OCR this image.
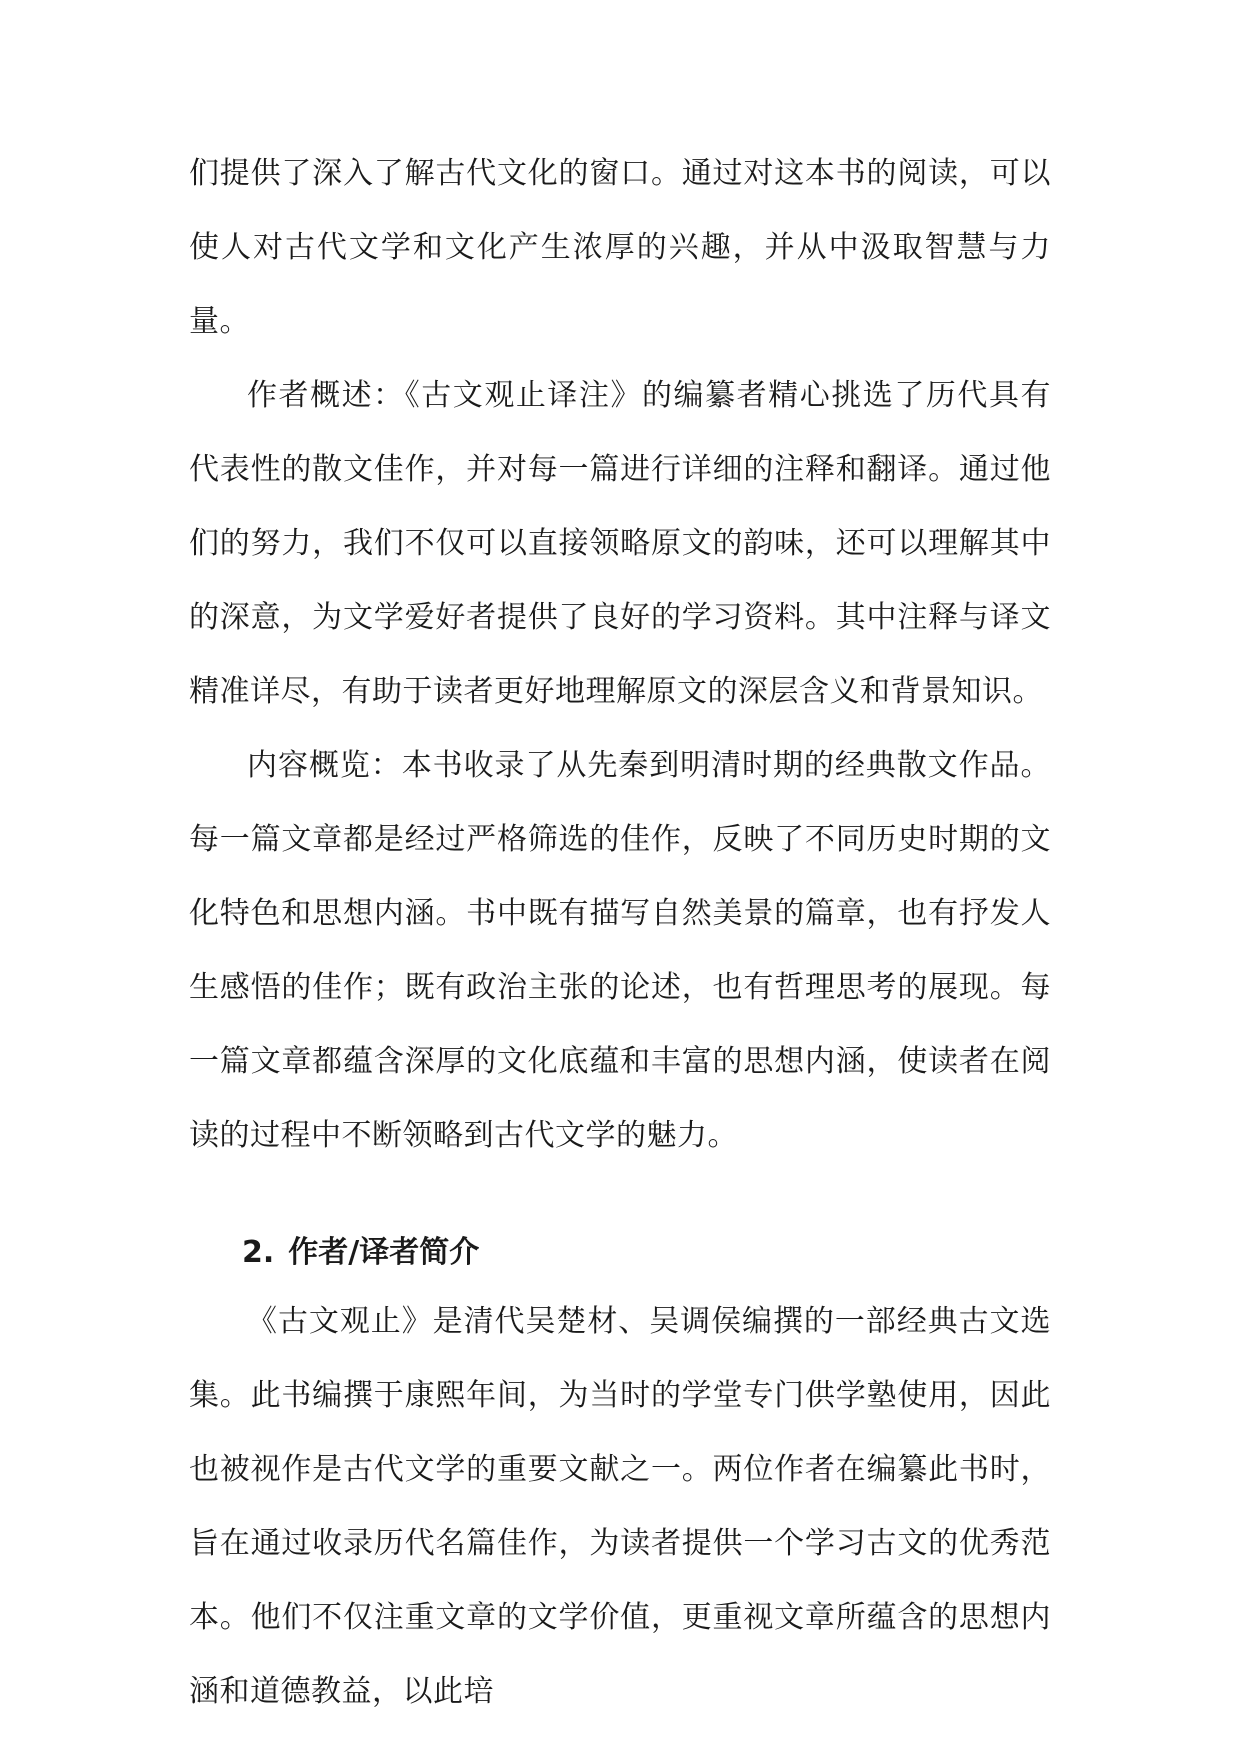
们提供了深入了解古代文化的窗口。通过对这本书的阅读，可以使人对古代文学和文化产生浓厚的兴趣，并从中汲取智慧与力量。

作者概述：《古文观止译注》的编纂者精心挑选了历代具有代表性的散文佳作，并对每一篇进行详细的注释和翻译。通过他们的努力，我们不仅可以直接领略原文的韵味，还可以理解其中的深意，为文学爱好者提供了良好的学习资料。其中注释与译文精准详尽，有助于读者更好地理解原文的深层含义和背景知识。

内容概览：本书收录了从先秦到明清时期的经典散文作品。每一篇文章都是经过严格筛选的佳作，反映了不同历史时期的文化特色和思想内涵。书中既有描写自然美景的篇章，也有抒发人生感悟的佳作；既有政治主张的论述，也有哲理思考的展现。每一篇文章都蕴含深厚的文化底蕴和丰富的思想内涵，使读者在阅读的过程中不断领略到古代文学的魅力。

2. 作者/译者简介

《古文观止》是清代吴楚材、吴调侯编撰的一部经典古文选集。此书编撰于康熙年间，为当时的学堂专门供学塾使用，因此也被视作是古代文学的重要文献之一。两位作者在编纂此书时，旨在通过收录历代名篇佳作，为读者提供一个学习古文的优秀范本。他们不仅注重文章的文学价值，更重视文章所蕴含的思想内涵和道德教益，以此培
